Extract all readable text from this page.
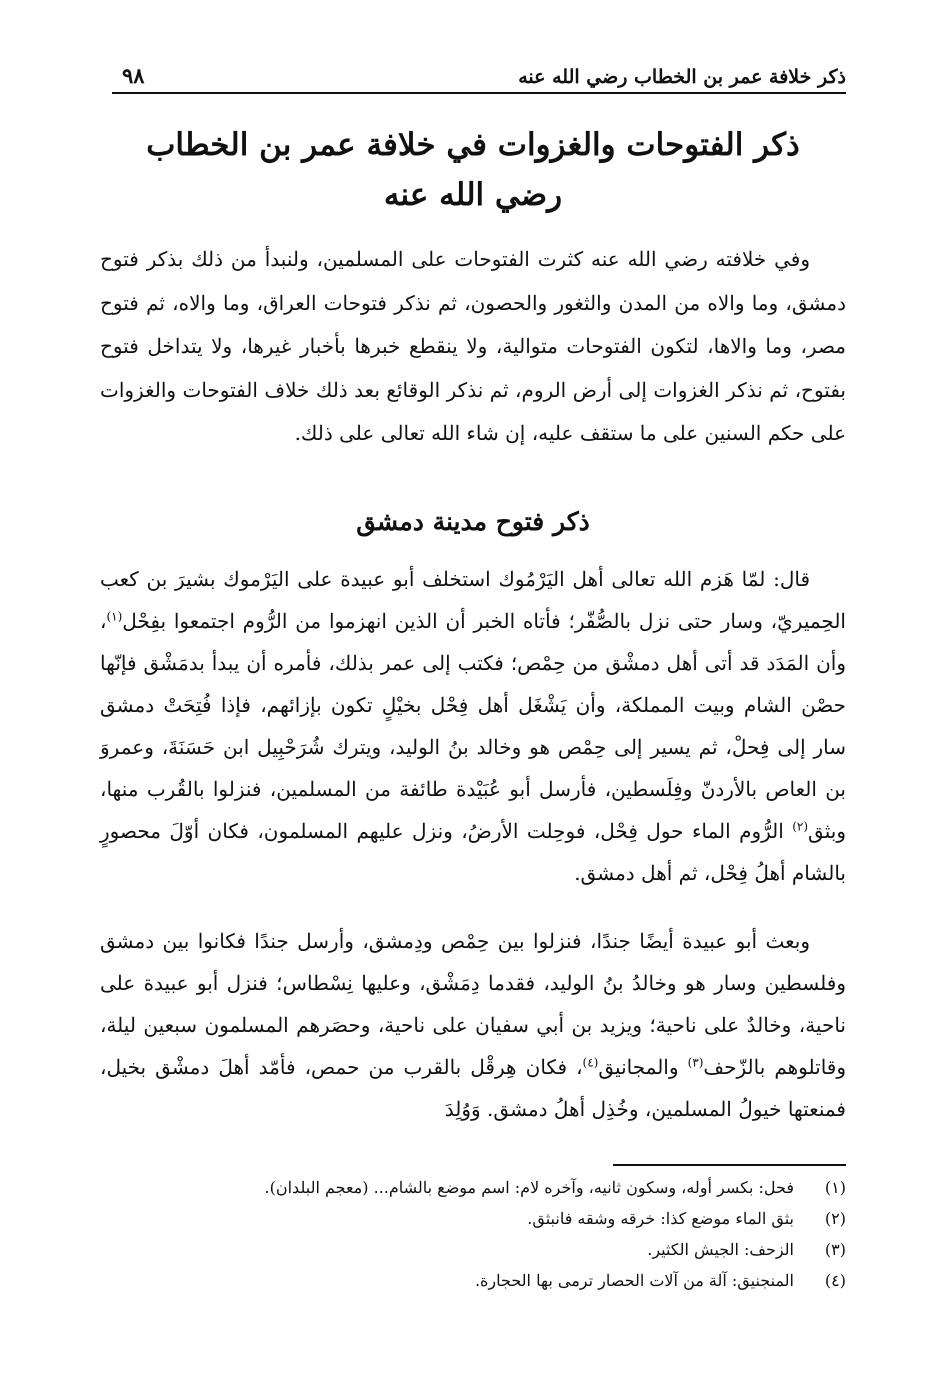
ذكر خلافة عمر بن الخطاب رضي الله عنه
٩٨
ذكر الفتوحات والغزوات في خلافة عمر بن الخطاب
رضي الله عنه

وفي خلافته رضي الله عنه كثرت الفتوحات على المسلمين، ولنبدأ من ذلك بذكر فتوح دمشق، وما والاه من المدن والثغور والحصون، ثم نذكر فتوحات العراق، وما والاه، ثم فتوح مصر، وما والاها، لتكون الفتوحات متوالية، ولا ينقطع خبرها بأخبار غيرها، ولا يتداخل فتوح بفتوح، ثم نذكر الغزوات إلى أرض الروم، ثم نذكر الوقائع بعد ذلك خلاف الفتوحات والغزوات على حكم السنين على ما ستقف عليه، إن شاء الله تعالى على ذلك.

ذكر فتوح مدينة دمشق

قال: لمّا هَزم الله تعالى أهل اليَرْمُوك استخلف أبو عبيدة على اليَرْموك بشيرَ بن كعب الحِميريّ، وسار حتى نزل بالصُّفّر؛ فأتاه الخبر أن الذين انهزموا من الرُّوم اجتمعوا بفِحْل$^{(١)}$، وأن المَدَد قد أتى أهل دمشْق من حِمْص؛ فكتب إلى عمر بذلك، فأمره أن يبدأ بدمَشْق فإنّها حصْن الشام وبيت المملكة، وأن يَشْغَل أهل فِحْل بخيْلٍ تكون بإزائهم، فإذا فُتِحَتْ دمشق سار إلى فِحلْ، ثم يسير إلى حِمْص هو وخالد بنُ الوليد، ويترك شُرَحْبِيل ابن حَسَنَةَ، وعمروَ بن العاص بالأردنّ وفِلَسطين، فأرسل أبو عُبَيْدة طائفة من المسلمين، فنزلوا بالقُرب منها، وبثق$^{(٢)}$ الرُّوم الماء حول فِحْل، فوحِلت الأرضُ، ونزل عليهم المسلمون، فكان أوّلَ محصورٍ بالشام أهلُ فِحْل، ثم أهل دمشق.

وبعث أبو عبيدة أيضًا جندًا، فنزلوا بين حِمْص ودِمشق، وأرسل جندًا فكانوا بين دمشق وفلسطين وسار هو وخالدُ بنُ الوليد، فقدما دِمَشْق، وعليها نِسْطاس؛ فنزل أبو عبيدة على ناحية، وخالدٌ على ناحية؛ ويزيد بن أبي سفيان على ناحية، وحصَرهم المسلمون سبعين ليلة، وقاتلوهم بالزّحف$^{(٣)}$ والمجانيق$^{(٤)}$، فكان هِرقْل بالقرب من حمص، فأمّد أهلَ دمشْق بخيل، فمنعتها خيولُ المسلمين، وخُذِل أهلُ دمشق. وَوُلِدَ

(١)
فحل: بكسر أوله، وسكون ثانيه، وآخره لام: اسم موضع بالشام... (معجم البلدان).
(٢)
بثق الماء موضع كذا: خرقه وشقه فانبثق.
(٣)
الزحف: الجيش الكثير.
(٤)
المنجنيق: آلة من آلات الحصار ترمى بها الحجارة.
